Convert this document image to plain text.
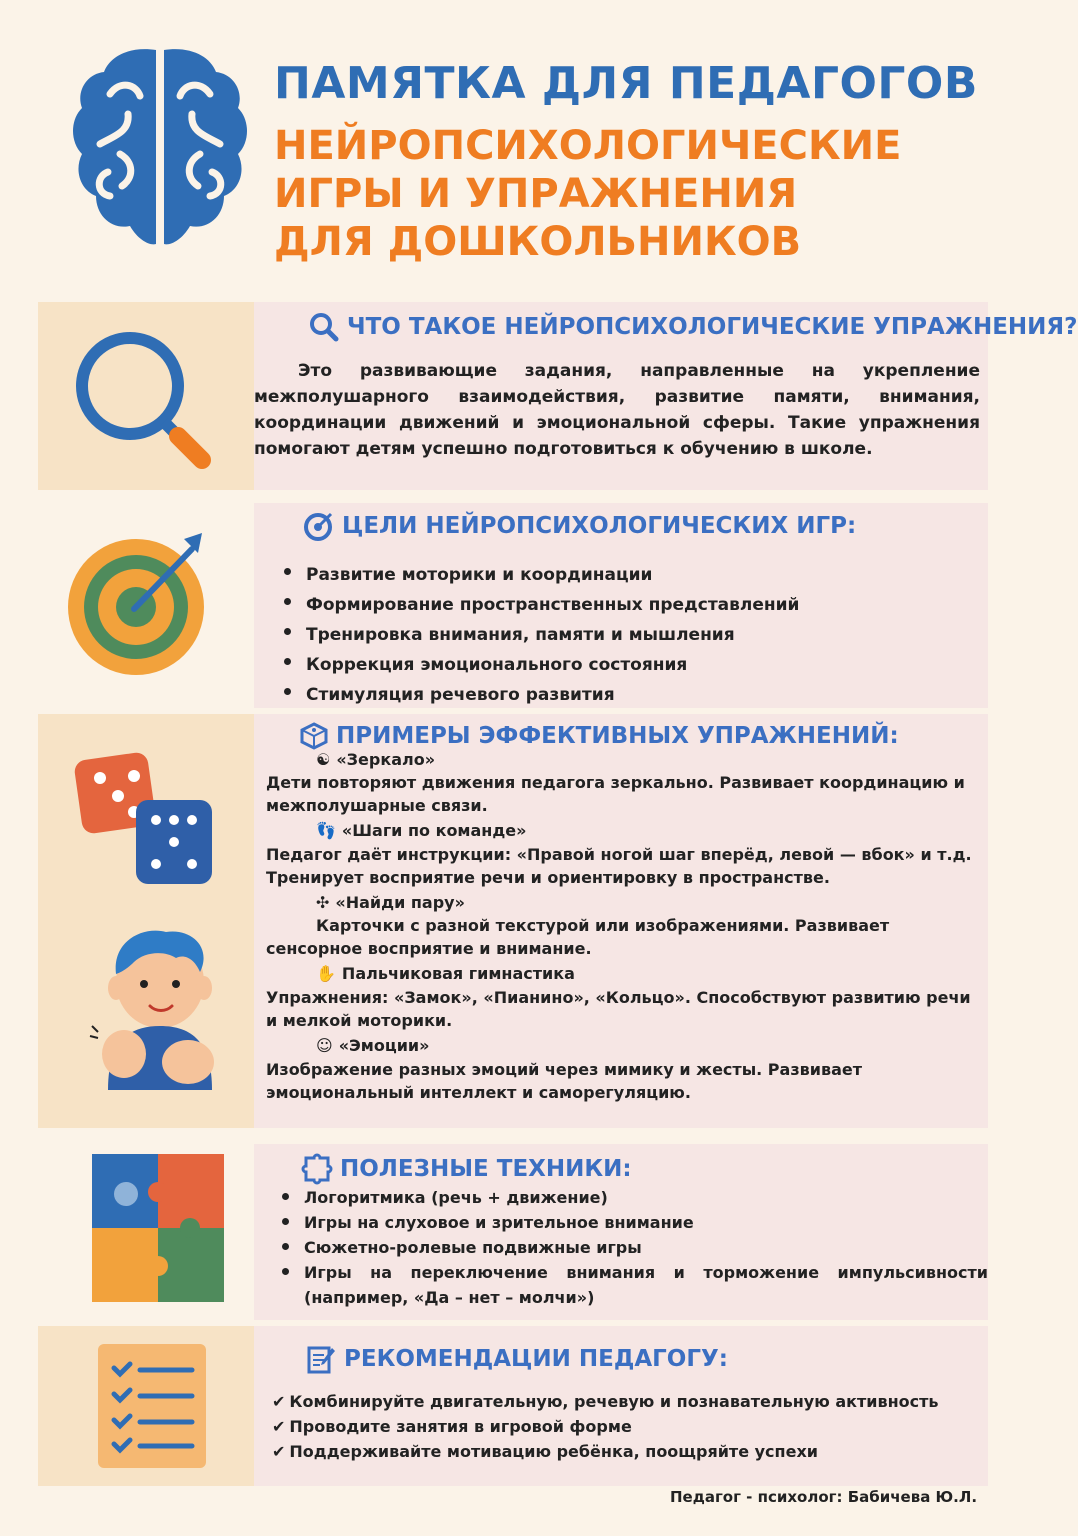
ПАМЯТКА ДЛЯ ПЕДАГОГОВ
НЕЙРОПСИХОЛОГИЧЕСКИЕ
ИГРЫ И УПРАЖНЕНИЯ
ДЛЯ ДОШКОЛЬНИКОВ
ЧТО ТАКОЕ НЕЙРОПСИХОЛОГИЧЕСКИЕ УПРАЖНЕНИЯ?
Это развивающие задания, направленные на укрепление межполушарного взаимодействия, развитие памяти, внимания, координации движений и эмоциональной сферы. Такие упражнения помогают детям успешно подготовиться к обучению в школе.
ЦЕЛИ НЕЙРОПСИХОЛОГИЧЕСКИХ ИГР:
Развитие моторики и координации
Формирование пространственных представлений
Тренировка внимания, памяти и мышления
Коррекция эмоционального состояния
Стимуляция речевого развития
ПРИМЕРЫ ЭФФЕКТИВНЫХ УПРАЖНЕНИЙ:
☯ «Зеркало»
Дети повторяют движения педагога зеркально. Развивает координацию и межполушарные связи.
👣 «Шаги по команде»
Педагог даёт инструкции: «Правой ногой шаг вперёд, левой — вбок» и т.д. Тренирует восприятие речи и ориентировку в пространстве.
✣ «Найди пару»
Карточки с разной текстурой или изображениями. Развивает сенсорное восприятие и внимание.
✋ Пальчиковая гимнастика
Упражнения: «Замок», «Пианино», «Кольцо». Способствуют развитию речи и мелкой моторики.
☺ «Эмоции»
Изображение разных эмоций через мимику и жесты. Развивает эмоциональный интеллект и саморегуляцию.
ПОЛЕЗНЫЕ ТЕХНИКИ:
Логоритмика (речь + движение)
Игры на слуховое и зрительное внимание
Сюжетно-ролевые подвижные игры
Игры на переключение внимания и торможение импульсивности (например, «Да – нет – молчи»)
РЕКОМЕНДАЦИИ ПЕДАГОГУ:
✔ Комбинируйте двигательную, речевую и познавательную активность
✔ Проводите занятия в игровой форме
✔ Поддерживайте мотивацию ребёнка, поощряйте успехи
Педагог - психолог: Бабичева Ю.Л.
